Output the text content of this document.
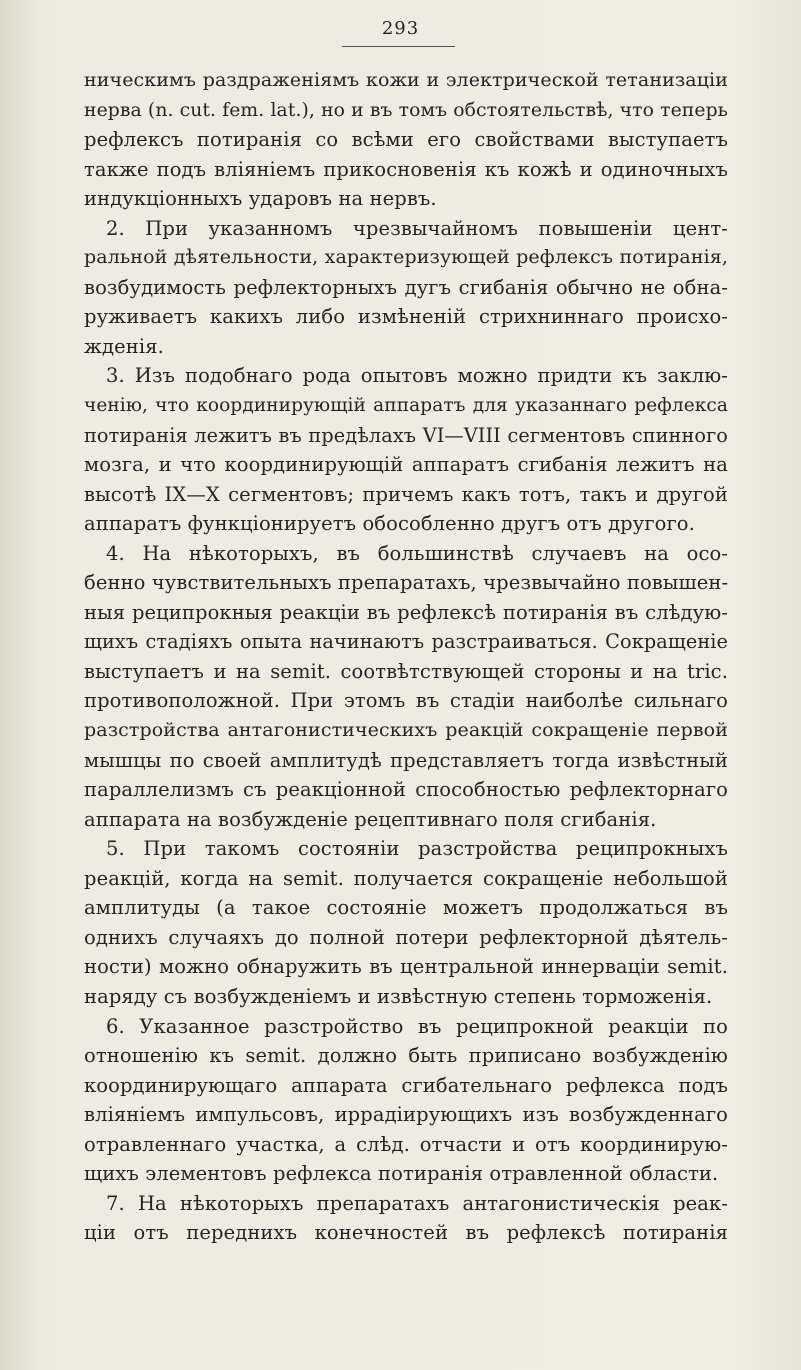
293
ническимъ раздраженіямъ кожи и электрической тетанизаціи
нерва (n. cut. fem. lat.), но и въ томъ обстоятельствѣ, что теперь
рефлексъ потиранія со всѣми его свойствами выступаетъ
также подъ вліяніемъ прикосновенія къ кожѣ и одиночныхъ
индукціонныхъ ударовъ на нервъ.
2. При указанномъ чрезвычайномъ повышеніи цент-
ральной дѣятельности, характеризующей рефлексъ потиранія,
возбудимость рефлекторныхъ дугъ сгибанія обычно не обна-
руживаетъ какихъ либо измѣненій стрихниннаго происхо-
жденія.
3. Изъ подобнаго рода опытовъ можно придти къ заклю-
ченію, что координирующій аппаратъ для указаннаго рефлекса
потиранія лежитъ въ предѣлахъ VI—VIII сегментовъ спинного
мозга, и что координирующій аппаратъ сгибанія лежитъ на
высотѣ IX—X сегментовъ; причемъ какъ тотъ, такъ и другой
аппаратъ функціонируетъ обособленно другъ отъ другого.
4. На нѣкоторыхъ, въ большинствѣ случаевъ на осо-
бенно чувствительныхъ препаратахъ, чрезвычайно повышен-
ныя реципрокныя реакціи въ рефлексѣ потиранія въ слѣдую-
щихъ стадіяхъ опыта начинаютъ разстраиваться. Сокращеніе
выступаетъ и на semit. соотвѣтствующей стороны и на tric.
противоположной. При этомъ въ стадіи наиболѣе сильнаго
разстройства антагонистическихъ реакцій сокращеніе первой
мышцы по своей амплитудѣ представляетъ тогда извѣстный
параллелизмъ съ реакціонной способностью рефлекторнаго
аппарата на возбужденіе рецептивнаго поля сгибанія.
5. При такомъ состояніи разстройства реципрокныхъ
реакцій, когда на semit. получается сокращеніе небольшой
амплитуды (а такое состояніе можетъ продолжаться въ
однихъ случаяхъ до полной потери рефлекторной дѣятель-
ности) можно обнаружить въ центральной иннерваціи semit.
наряду съ возбужденіемъ и извѣстную степень торможенія.
6. Указанное разстройство въ реципрокной реакціи по
отношенію къ semit. должно быть приписано возбужденію
координирующаго аппарата сгибательнаго рефлекса подъ
вліяніемъ импульсовъ, иррадіирующихъ изъ возбужденнаго
отравленнаго участка, а слѣд. отчасти и отъ координирую-
щихъ элементовъ рефлекса потиранія отравленной области.
7. На нѣкоторыхъ препаратахъ антагонистическія реак-
ціи отъ переднихъ конечностей въ рефлексѣ потиранія
